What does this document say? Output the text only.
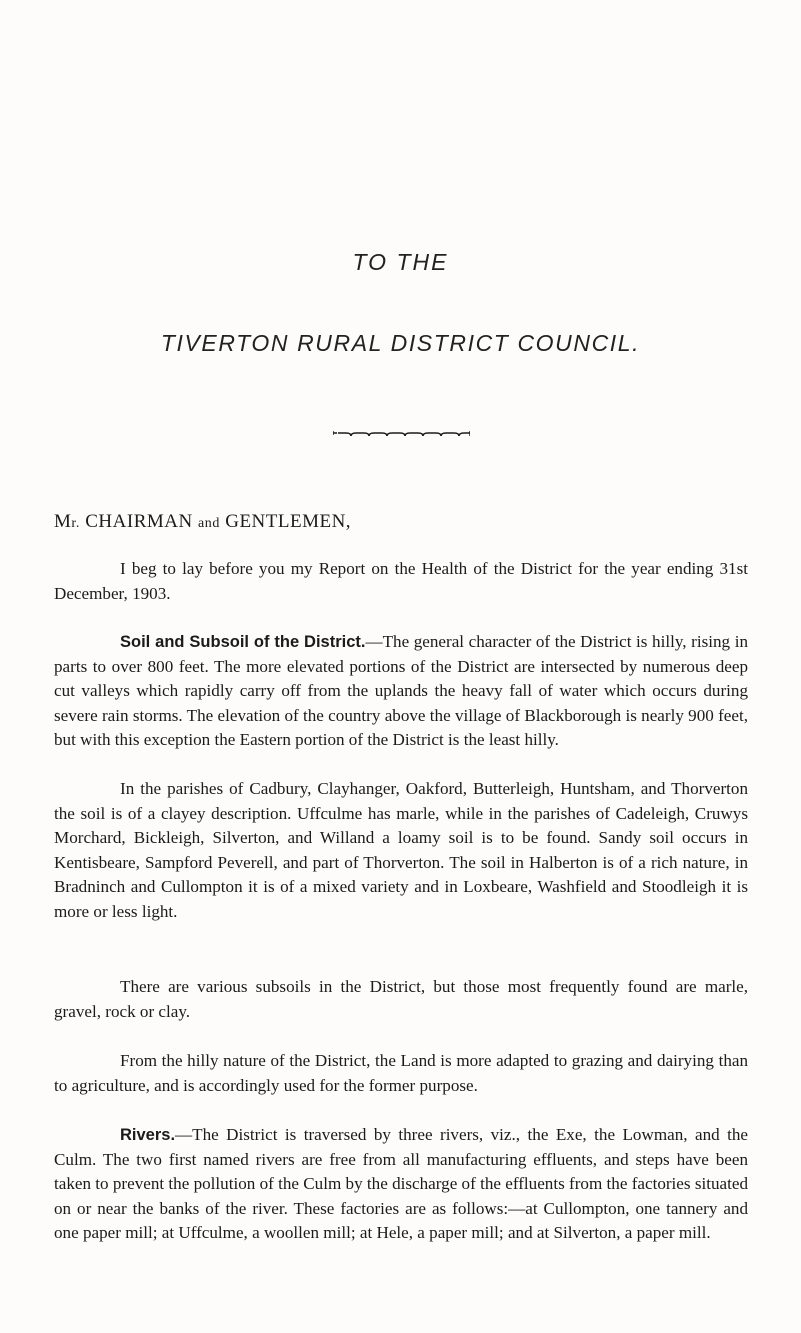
TO THE
TIVERTON RURAL DISTRICT COUNCIL.
Mr. CHAIRMAN and GENTLEMEN,

I beg to lay before you my Report on the Health of the District for the year ending 31st December, 1903.

Soil and Subsoil of the District.—The general character of the District is hilly, rising in parts to over 800 feet. The more elevated portions of the District are intersected by numerous deep cut valleys which rapidly carry off from the uplands the heavy fall of water which occurs during severe rain storms. The elevation of the country above the village of Blackborough is nearly 900 feet, but with this exception the Eastern portion of the District is the least hilly.

In the parishes of Cadbury, Clayhanger, Oakford, Butterleigh, Huntsham, and Thorverton the soil is of a clayey description. Uffculme has marle, while in the parishes of Cadeleigh, Cruwys Morchard, Bickleigh, Silverton, and Willand a loamy soil is to be found. Sandy soil occurs in Kentisbeare, Sampford Peverell, and part of Thorverton. The soil in Halberton is of a rich nature, in Bradninch and Cullompton it is of a mixed variety and in Loxbeare, Washfield and Stoodleigh it is more or less light.

There are various subsoils in the District, but those most frequently found are marle, gravel, rock or clay.

From the hilly nature of the District, the Land is more adapted to grazing and dairying than to agriculture, and is accordingly used for the former purpose.

Rivers.—The District is traversed by three rivers, viz., the Exe, the Lowman, and the Culm. The two first named rivers are free from all manufacturing effluents, and steps have been taken to prevent the pollution of the Culm by the discharge of the effluents from the factories situated on or near the banks of the river. These factories are as follows:—at Cullompton, one tannery and one paper mill; at Uffculme, a woollen mill; at Hele, a paper mill; and at Silverton, a paper mill.
